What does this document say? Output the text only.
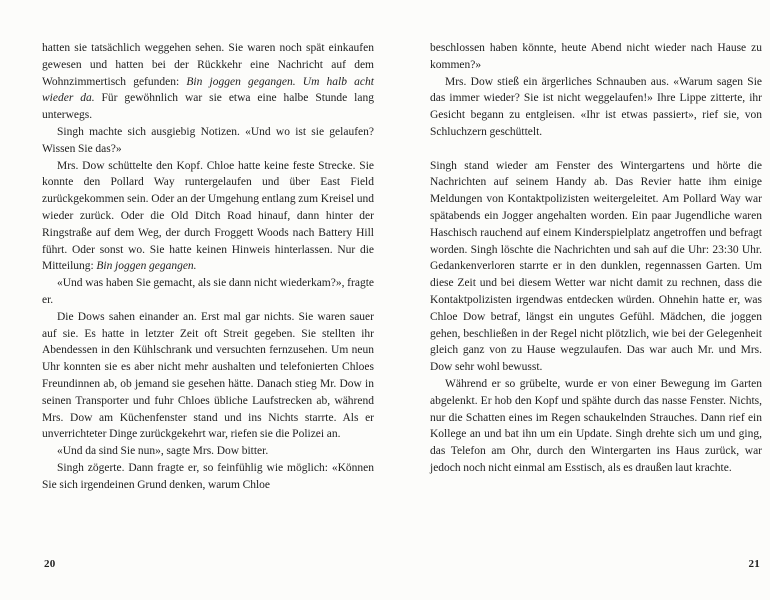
hatten sie tatsächlich weggehen sehen. Sie waren noch spät einkaufen gewesen und hatten bei der Rückkehr eine Nachricht auf dem Wohnzimmertisch gefunden: Bin joggen gegangen. Um halb acht wieder da. Für gewöhnlich war sie etwa eine halbe Stunde lang unterwegs.

Singh machte sich ausgiebig Notizen. «Und wo ist sie gelaufen? Wissen Sie das?»

Mrs. Dow schüttelte den Kopf. Chloe hatte keine feste Strecke. Sie konnte den Pollard Way runtergelaufen und über East Field zurückgekommen sein. Oder an der Umgehung entlang zum Kreisel und wieder zurück. Oder die Old Ditch Road hinauf, dann hinter der Ringstraße auf dem Weg, der durch Froggett Woods nach Battery Hill führt. Oder sonst wo. Sie hatte keinen Hinweis hinterlassen. Nur die Mitteilung: Bin joggen gegangen.

«Und was haben Sie gemacht, als sie dann nicht wiederkam?», fragte er.

Die Dows sahen einander an. Erst mal gar nichts. Sie waren sauer auf sie. Es hatte in letzter Zeit oft Streit gegeben. Sie stellten ihr Abendessen in den Kühlschrank und versuchten fernzusehen. Um neun Uhr konnten sie es aber nicht mehr aushalten und telefonierten Chloes Freundinnen ab, ob jemand sie gesehen hätte. Danach stieg Mr. Dow in seinen Transporter und fuhr Chloes übliche Laufstrecken ab, während Mrs. Dow am Küchenfenster stand und ins Nichts starrte. Als er unverrichteter Dinge zurückgekehrt war, riefen sie die Polizei an.

«Und da sind Sie nun», sagte Mrs. Dow bitter.

Singh zögerte. Dann fragte er, so feinfühlig wie möglich: «Können Sie sich irgendeinen Grund denken, warum Chloe

20

beschlossen haben könnte, heute Abend nicht wieder nach Hause zu kommen?»

Mrs. Dow stieß ein ärgerliches Schnauben aus. «Warum sagen Sie das immer wieder? Sie ist nicht weggelaufen!» Ihre Lippe zitterte, ihr Gesicht begann zu entgleisen. «Ihr ist etwas passiert», rief sie, von Schluchzern geschüttelt.

Singh stand wieder am Fenster des Wintergartens und hörte die Nachrichten auf seinem Handy ab. Das Revier hatte ihm einige Meldungen von Kontaktpolizisten weitergeleitet. Am Pollard Way war spätabends ein Jogger angehalten worden. Ein paar Jugendliche waren Haschisch rauchend auf einem Kinderspielplatz angetroffen und befragt worden. Singh löschte die Nachrichten und sah auf die Uhr: 23:30 Uhr. Gedankenverloren starrte er in den dunklen, regennassen Garten. Um diese Zeit und bei diesem Wetter war nicht damit zu rechnen, dass die Kontaktpolizisten irgendwas entdecken würden. Ohnehin hatte er, was Chloe Dow betraf, längst ein ungutes Gefühl. Mädchen, die joggen gehen, beschließen in der Regel nicht plötzlich, wie bei der Gelegenheit gleich ganz von zu Hause wegzulaufen. Das war auch Mr. und Mrs. Dow sehr wohl bewusst.

Während er so grübelte, wurde er von einer Bewegung im Garten abgelenkt. Er hob den Kopf und spähte durch das nasse Fenster. Nichts, nur die Schatten eines im Regen schaukelnden Strauches. Dann rief ein Kollege an und bat ihn um ein Update. Singh drehte sich um und ging, das Telefon am Ohr, durch den Wintergarten ins Haus zurück, war jedoch noch nicht einmal am Esstisch, als es draußen laut krachte.

21
